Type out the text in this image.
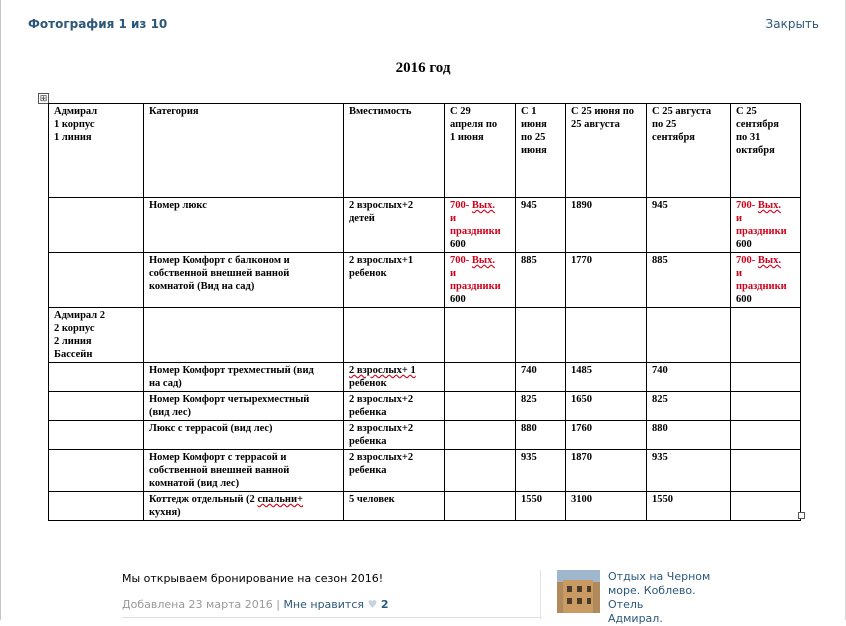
Фотография 1 из 10	Закрыть
2016 год
⊞
Адмирал
1 корпус
1 линия	Категория	Вместимость	С 29
апреля по
1 июня	С 1
июня
по 25
июня	С 25 июня по
25 августа	С 25 августа
по 25
сентября	С 25
сентября
по 31
октября
	Номер люкс	2 взрослых+2
детей	700- Вых.
и
праздники
600	945	1890	945	700- Вых.
и
праздники
600
	Номер Комфорт с балконом и
собственной внешней ванной
комнатой (Вид на сад)	2 взрослых+1
ребенок	700- Вых.
и
праздники
600	885	1770	885	700- Вых.
и
праздники
600
Адмирал 2
2 корпус
2 линия
Бассейн							
	Номер Комфорт трехместный (вид
на сад)	2 взрослых+ 1
ребенок		740	1485	740	
	Номер Комфорт четырехместный
(вид лес)	2 взрослых+2
ребенка		825	1650	825	
	Люкс с террасой (вид лес)	2 взрослых+2
ребенка		880	1760	880	
	Номер Комфорт с террасой и
собственной внешней ванной
комнатой (вид лес)	2 взрослых+2
ребенка		935	1870	935	
	Коттедж отдельный (2 спальни+
кухня)	5 человек		1550	3100	1550	
Мы открываем бронирование на сезон 2016!
Добавлена 23 марта 2016 | Мне нравится ♥ 2
Отдых на Черном
море. Коблево. Отель
Адмирал.
